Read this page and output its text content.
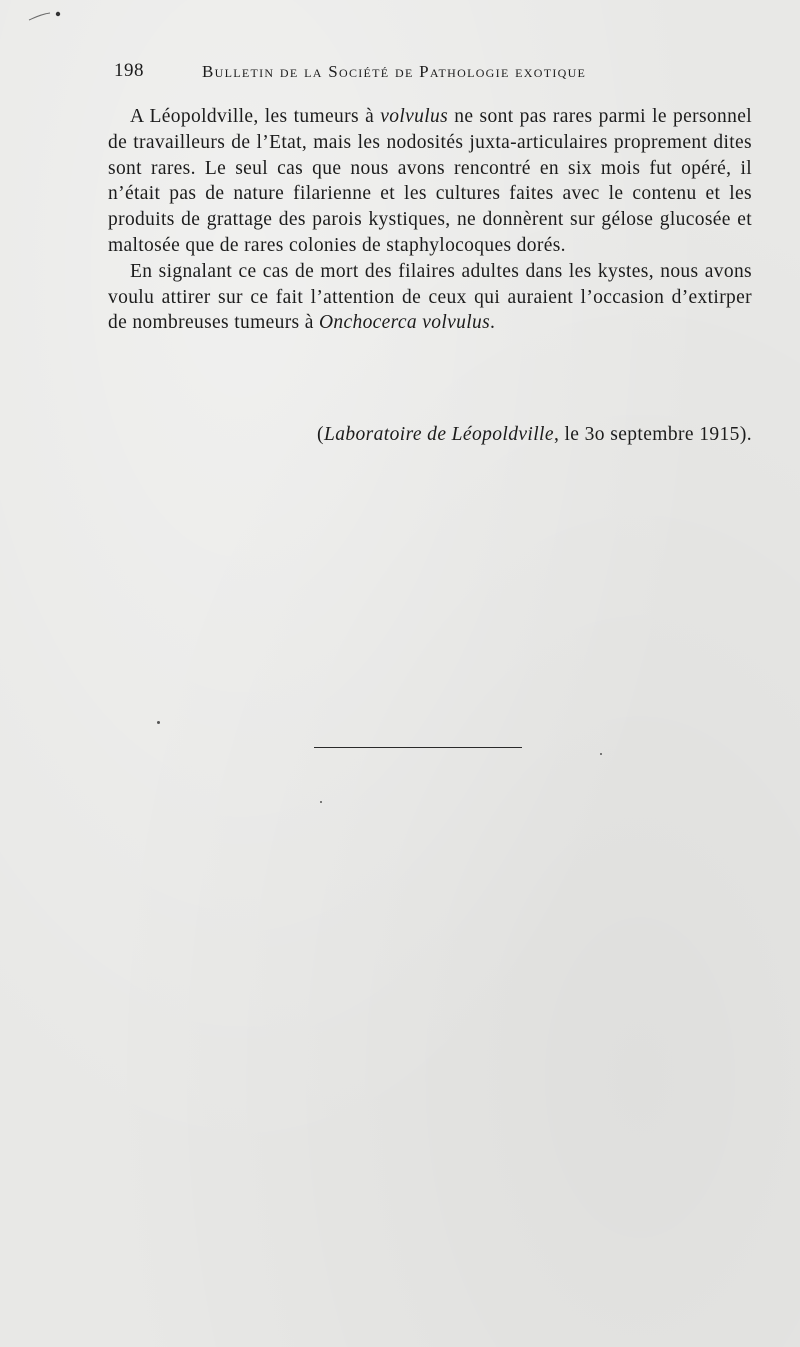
198	Bulletin de la Société de Pathologie exotique

A Léopoldville, les tumeurs à volvulus ne sont pas rares parmi le personnel de travailleurs de l’Etat, mais les nodosités juxta-articulaires proprement dites sont rares. Le seul cas que nous avons rencontré en six mois fut opéré, il n’était pas de nature filarienne et les cultures faites avec le contenu et les produits de grattage des parois kystiques, ne donnèrent sur gélose glucosée et maltosée que de rares colonies de staphylocoques dorés.

En signalant ce cas de mort des filaires adultes dans les kystes, nous avons voulu attirer sur ce fait l’attention de ceux qui auraient l’occasion d’extirper de nombreuses tumeurs à Onchocerca volvulus.

(Laboratoire de Léopoldville, le 3o septembre 1915).
